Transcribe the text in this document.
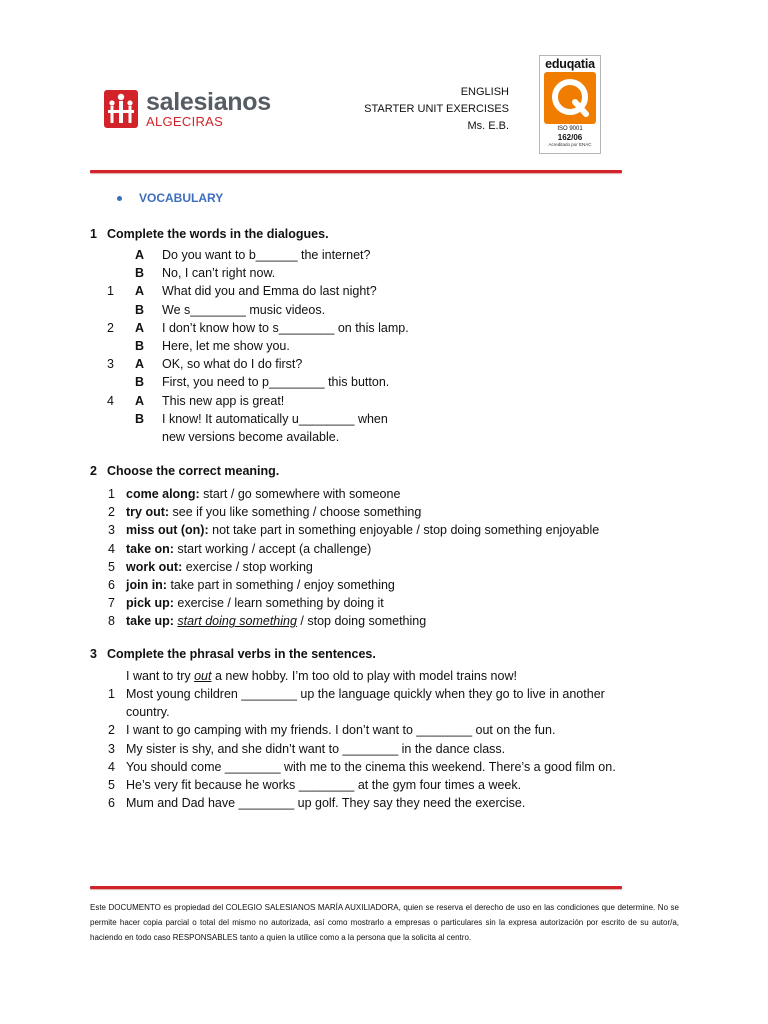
salesianos
ALGECIRAS
ENGLISH
STARTER UNIT EXERCISES
Ms. E.B.
eduqatia
ISO 9001
162/06
Acreditado por ENAC
VOCABULARY
1 Complete the words in the dialogues.
A Do you want to b______ the internet?
B No, I can’t right now.
1 A What did you and Emma do last night?
B We s________ music videos.
2 A I don’t know how to s________ on this lamp.
B Here, let me show you.
3 A OK, so what do I do first?
B First, you need to p________ this button.
4 A This new app is great!
B I know! It automatically u________ when
new versions become available.
2 Choose the correct meaning.
1 come along: start / go somewhere with someone
2 try out: see if you like something / choose something
3 miss out (on): not take part in something enjoyable / stop doing something enjoyable
4 take on: start working / accept (a challenge)
5 work out: exercise / stop working
6 join in: take part in something / enjoy something
7 pick up: exercise / learn something by doing it
8 take up: start doing something / stop doing something
3 Complete the phrasal verbs in the sentences.
I want to try out a new hobby. I’m too old to play with model trains now!
1 Most young children ________ up the language quickly when they go to live in another
country.
2 I want to go camping with my friends. I don’t want to ________ out on the fun.
3 My sister is shy, and she didn’t want to ________ in the dance class.
4 You should come ________ with me to the cinema this weekend. There’s a good film on.
5 He’s very fit because he works ________ at the gym four times a week.
6 Mum and Dad have ________ up golf. They say they need the exercise.
Este DOCUMENTO es propiedad del COLEGIO SALESIANOS MARÍA AUXILIADORA, quien se reserva el derecho de uso en las condiciones que determine. No se permite hacer copia parcial o total del mismo no autorizada, así como mostrarlo a empresas o particulares sin la expresa autorización por escrito de su autor/a, haciendo en todo caso RESPONSABLES tanto a quien la utilice como a la persona que la solicita al centro.
